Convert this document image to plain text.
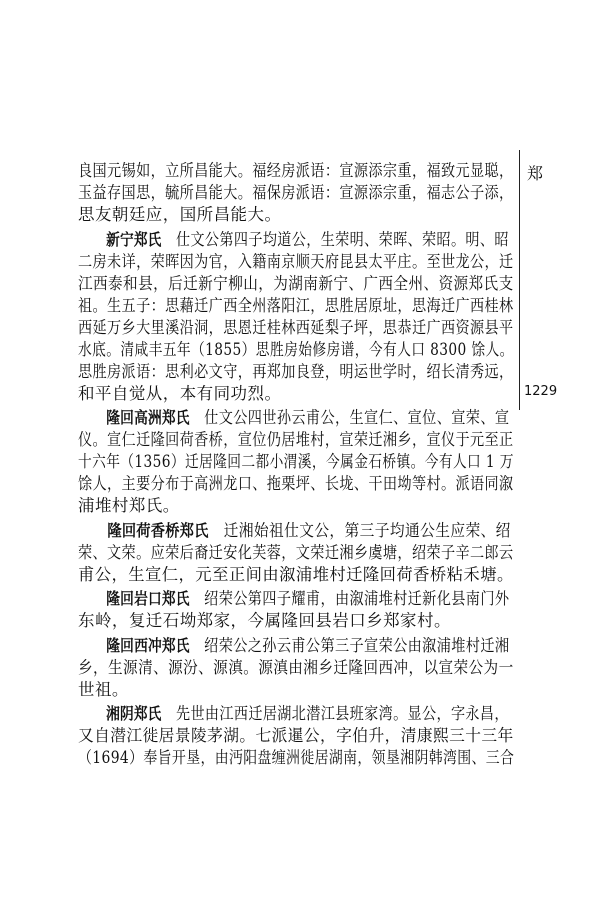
郑
1229
良国元锡如，立所昌能大。福经房派语：宣源添宗重，福致元显聪，
玉益存国思，毓所昌能大。福保房派语：宣源添宗重，福志公子添，
思友朝廷应，国所昌能大。
新宁郑氏　仕文公第四子均道公，生荣明、荣晖、荣昭。明、昭
二房未详，荣晖因为官，入籍南京顺天府昆县太平庄。至世龙公，迁
江西泰和县，后迁新宁柳山，为湖南新宁、广西全州、资源郑氏支
祖。生五子：思藉迁广西全州落阳江，思胜居原址，思海迁广西桂林
西延万乡大里溪沿洞，思恩迁桂林西延梨子坪，思恭迁广西资源县平
水底。清咸丰五年（1855）思胜房始修房谱，今有人口 8300 馀人。
思胜房派语：思利必文守，再郑加良登，明运世学时，绍长清秀远，
和平自觉从，本有同功烈。
隆回高洲郑氏　仕文公四世孙云甫公，生宣仁、宣位、宣荣、宣
仪。宣仁迁隆回荷香桥，宣位仍居堆村，宣荣迁湘乡，宣仪于元至正
十六年（1356）迁居隆回二都小渭溪，今属金石桥镇。今有人口 1 万
馀人，主要分布于高洲龙口、拖栗坪、长垅、干田坳等村。派语同溆
浦堆村郑氏。
隆回荷香桥郑氏　迁湘始祖仕文公，第三子均通公生应荣、绍
荣、文荣。应荣后裔迁安化芙蓉，文荣迁湘乡虞塘，绍荣子辛二郎云
甫公，生宣仁，元至正间由溆浦堆村迁隆回荷香桥粘禾塘。
隆回岩口郑氏　绍荣公第四子耀甫，由溆浦堆村迁新化县南门外
东岭，复迁石坳郑家，今属隆回县岩口乡郑家村。
隆回西冲郑氏　绍荣公之孙云甫公第三子宣荣公由溆浦堆村迁湘
乡，生源清、源汾、源滇。源滇由湘乡迁隆回西冲，以宣荣公为一
世祖。
湘阴郑氏　先世由江西迁居湖北潜江县班家湾。显公，字永昌，
又自潜江徙居景陵茅湖。七派暹公，字伯升，清康熙三十三年
（1694）奉旨开垦，由沔阳盘缠洲徙居湖南，领垦湘阴韩湾围、三合
